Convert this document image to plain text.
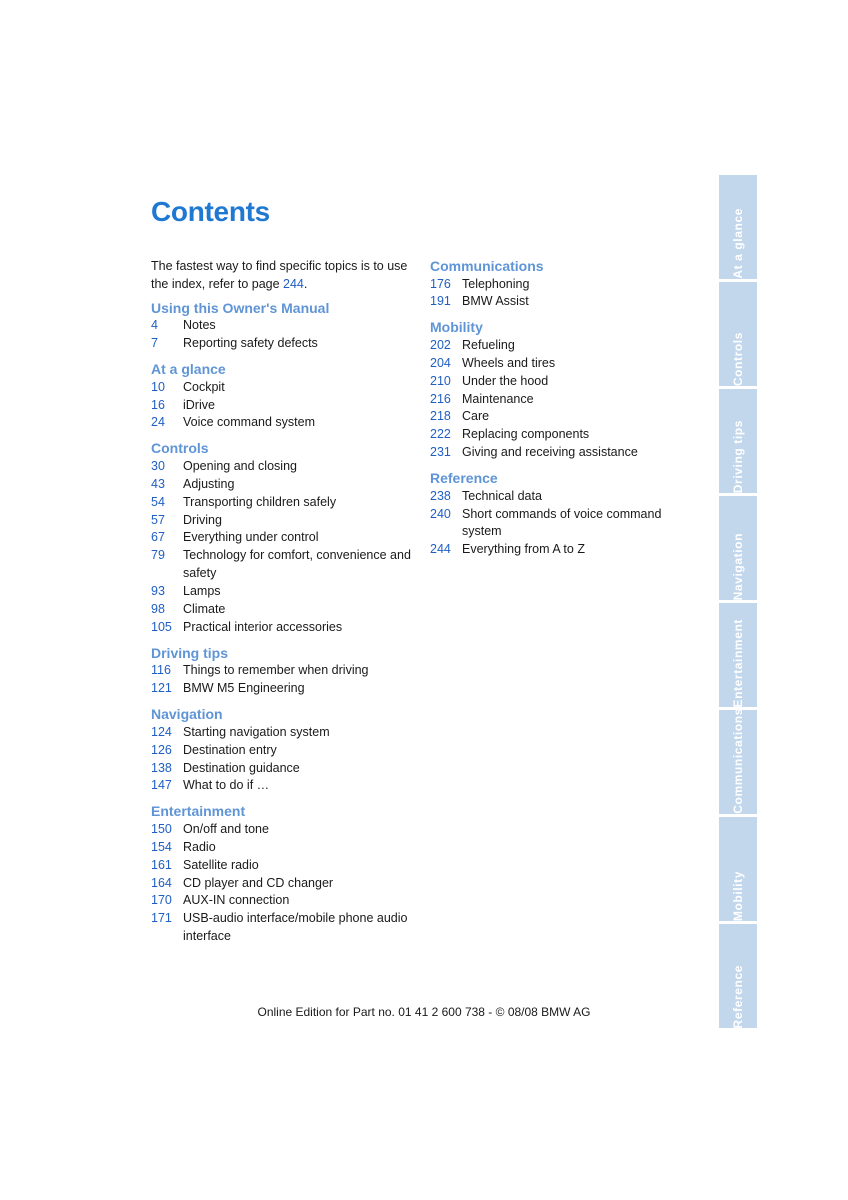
Contents

The fastest way to find specific topics is to use the index, refer to page 244.

Using this Owner's Manual
4	Notes
7	Reporting safety defects
At a glance
10	Cockpit
16	iDrive
24	Voice command system
Controls
30	Opening and closing
43	Adjusting
54	Transporting children safely
57	Driving
67	Everything under control
79	Technology for comfort, convenience and safety
93	Lamps
98	Climate
105 Practical interior accessories
Driving tips
116 Things to remember when driving
121 BMW M5 Engineering
Navigation
124 Starting navigation system
126 Destination entry
138 Destination guidance
147 What to do if …
Entertainment
150 On/off and tone
154 Radio
161 Satellite radio
164 CD player and CD changer
170 AUX-IN connection
171 USB-audio interface/mobile phone audio interface
Communications
176 Telephoning
191 BMW Assist
Mobility
202 Refueling
204 Wheels and tires
210 Under the hood
216 Maintenance
218 Care
222 Replacing components
231 Giving and receiving assistance
Reference
238 Technical data
240 Short commands of voice command system
244 Everything from A to Z
Online Edition for Part no. 01 41 2 600 738 - © 08/08 BMW AG
At a glance
Controls
Driving tips
Navigation
Entertainment
Communications
Mobility
Reference
